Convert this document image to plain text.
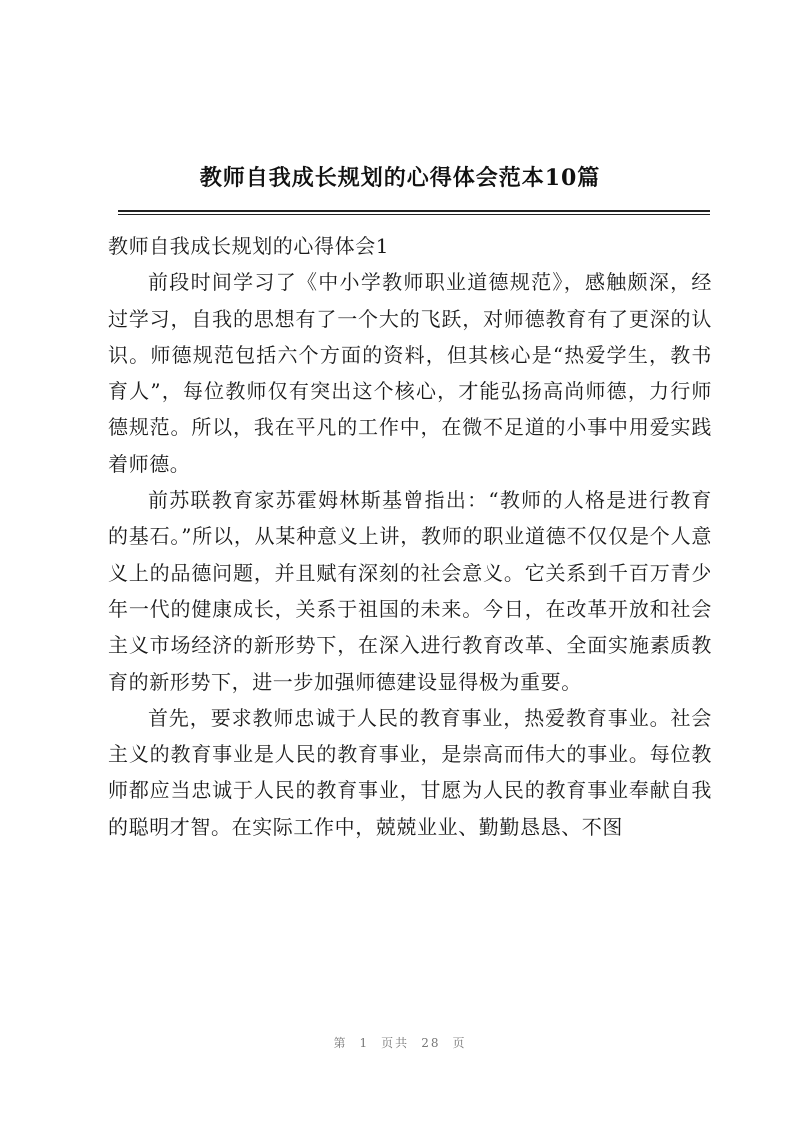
教师自我成长规划的心得体会范本10篇

教师自我成长规划的心得体会1

前段时间学习了《中小学教师职业道德规范》，感触颇深，经过学习，自我的思想有了一个大的飞跃，对师德教育有了更深的认识。师德规范包括六个方面的资料，但其核心是“热爱学生，教书育人”，每位教师仅有突出这个核心，才能弘扬高尚师德，力行师德规范。所以，我在平凡的工作中，在微不足道的小事中用爱实践着师德。

前苏联教育家苏霍姆林斯基曾指出：“教师的人格是进行教育的基石。”所以，从某种意义上讲，教师的职业道德不仅仅是个人意义上的品德问题，并且赋有深刻的社会意义。它关系到千百万青少年一代的健康成长，关系于祖国的未来。今日，在改革开放和社会主义市场经济的新形势下，在深入进行教育改革、全面实施素质教育的新形势下，进一步加强师德建设显得极为重要。

首先，要求教师忠诚于人民的教育事业，热爱教育事业。社会主义的教育事业是人民的教育事业，是崇高而伟大的事业。每位教师都应当忠诚于人民的教育事业，甘愿为人民的教育事业奉献自我的聪明才智。在实际工作中，兢兢业业、勤勤恳恳、不图

第 1 页共 28 页
